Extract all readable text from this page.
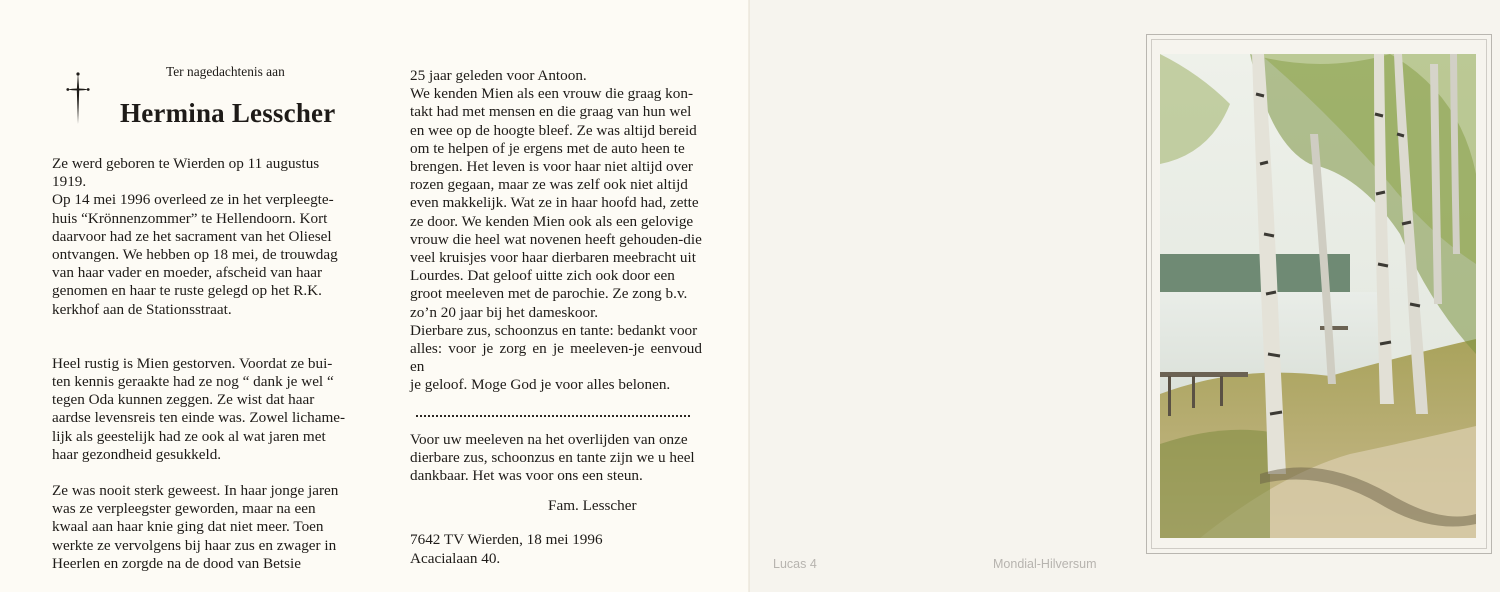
Ter nagedachtenis aan
Hermina Lesscher
Ze werd geboren te Wierden op 11 augustus
1919.
Op 14 mei 1996 overleed ze in het verpleegte-
huis “Krönnenzommer” te Hellendoorn. Kort
daarvoor had ze het sacrament van het Oliesel
ontvangen. We hebben op 18 mei, de trouwdag
van haar vader en moeder, afscheid van haar
genomen en haar te ruste gelegd op het R.K.
kerkhof aan de Stationsstraat.
Heel rustig is Mien gestorven. Voordat ze bui-
ten kennis geraakte had ze nog “ dank je wel “
tegen Oda kunnen zeggen. Ze wist dat haar
aardse levensreis ten einde was. Zowel lichame-
lijk als geestelijk had ze ook al wat jaren met
haar gezondheid gesukkeld.
Ze was nooit sterk geweest. In haar jonge jaren
was ze verpleegster geworden, maar na een
kwaal aan haar knie ging dat niet meer. Toen
werkte ze vervolgens bij haar zus en zwager in
Heerlen en zorgde na de dood van Betsie
25 jaar geleden voor Antoon.
We kenden Mien als een vrouw die graag kon-
takt had met mensen en die graag van hun wel
en wee op de hoogte bleef. Ze was altijd bereid
om te helpen of je ergens met de auto heen te
brengen. Het leven is voor haar niet altijd over
rozen gegaan, maar ze was zelf ook niet altijd
even makkelijk. Wat ze in haar hoofd had, zette
ze door. We kenden Mien ook als een gelovige
vrouw die heel wat novenen heeft gehouden-die
veel kruisjes voor haar dierbaren meebracht uit
Lourdes. Dat geloof uitte zich ook door een
groot meeleven met de parochie. Ze zong b.v.
zo’n 20 jaar bij het dameskoor.
Dierbare zus, schoonzus en tante: bedankt voor
alles: voor je zorg en je meeleven-je eenvoud en
je geloof. Moge God je voor alles belonen.
Voor uw meeleven na het overlijden van onze
dierbare zus, schoonzus en tante zijn we u heel
dankbaar. Het was voor ons een steun.
Fam. Lesscher
7642 TV Wierden, 18 mei 1996
Acacialaan 40.	Lucas 4	Mondial-Hilversum
